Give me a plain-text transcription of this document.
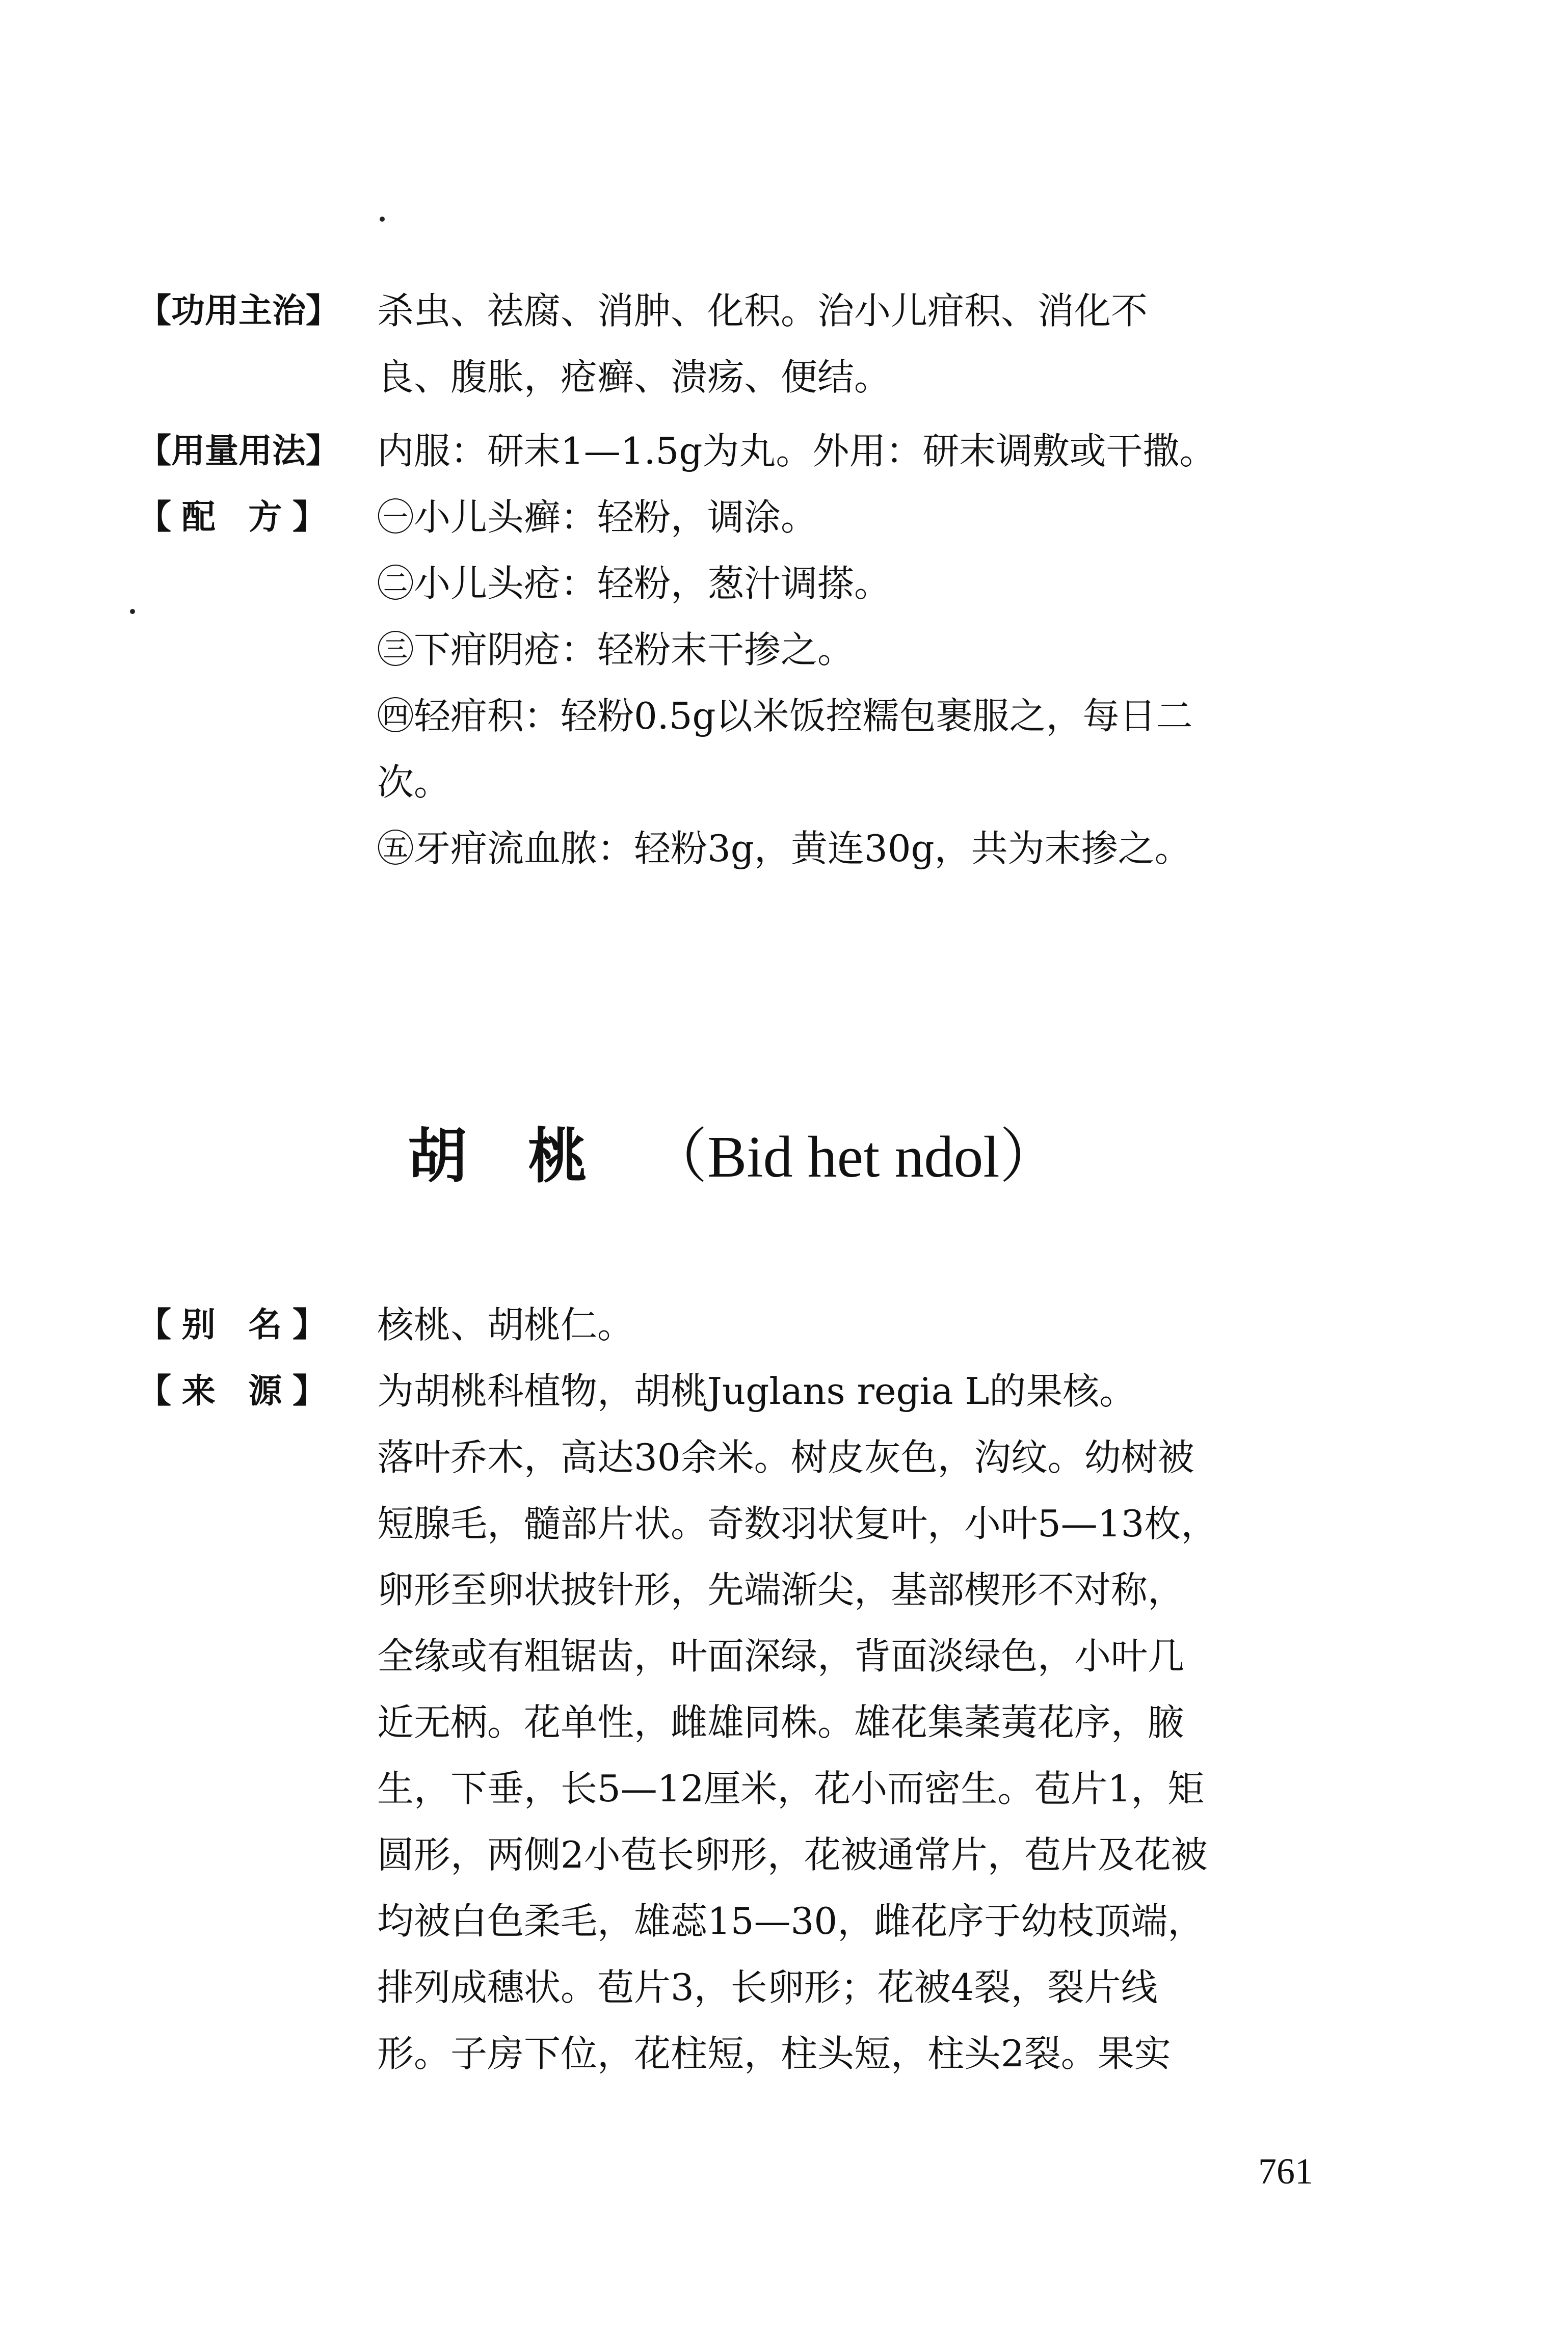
【功用主治】	杀虫、祛腐、消肿、化积。治小儿疳积、消化不
良、腹胀，疮癣、溃疡、便结。
【用量用法】	内服：研末1—1.5g为丸。外用：研末调敷或干撒。
【配 方】	㊀小儿头癣：轻粉，调涂。
㊁小儿头疮：轻粉，葱汁调搽。
㊂下疳阴疮：轻粉末干掺之。
㊃轻疳积：轻粉0.5g以米饭控糯包裹服之，每日二
次。
㊄牙疳流血脓：轻粉3g，黄连30g，共为末掺之。
胡桃（Bid het ndol）
【别 名】	核桃、胡桃仁。
【来 源】	为胡桃科植物，胡桃Juglans regia L的果核。
落叶乔木，高达30余米。树皮灰色，沟纹。幼树被
短腺毛，髓部片状。奇数羽状复叶，小叶5—13枚，
卵形至卵状披针形，先端渐尖，基部楔形不对称，
全缘或有粗锯齿，叶面深绿，背面淡绿色，小叶几
近无柄。花单性，雌雄同株。雄花集葇荑花序，腋
生，下垂，长5—12厘米，花小而密生。苞片1，矩
圆形，两侧2小苞长卵形，花被通常片，苞片及花被
均被白色柔毛，雄蕊15—30，雌花序于幼枝顶端，
排列成穗状。苞片3，长卵形；花被4裂，裂片线
形。子房下位，花柱短，柱头短，柱头2裂。果实
761
